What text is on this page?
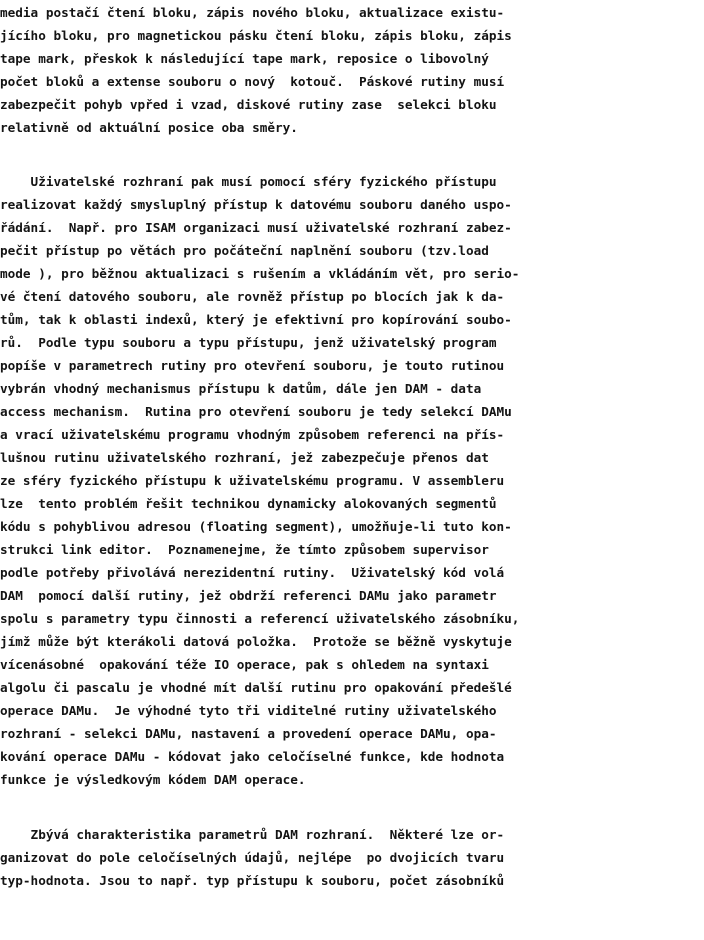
media postačí čtení bloku, zápis nového bloku, aktualizace existu-

jícího bloku, pro magnetickou pásku čtení bloku, zápis bloku, zápis

tape mark, přeskok k následující tape mark, reposice o libovolný

počet bloků a extense souboru o nový  kotouč.  Páskové rutiny musí

zabezpečit pohyb vpřed i vzad, diskové rutiny zase  selekci bloku

relativně od aktuální posice oba směry.

Uživatelské rozhraní pak musí pomocí sféry fyzického přístupu

realizovat každý smysluplný přístup k datovému souboru daného uspo-

řádání.  Např. pro ISAM organizaci musí uživatelské rozhraní zabez-

pečit přístup po větách pro počáteční naplnění souboru (tzv.load

mode ), pro běžnou aktualizaci s rušením a vkládáním vět, pro serio-

vé čtení datového souboru, ale rovněž přístup po blocích jak k da-

tům, tak k oblasti indexů, který je efektivní pro kopírování soubo-

rů.  Podle typu souboru a typu přístupu, jenž uživatelský program

popíše v parametrech rutiny pro otevření souboru, je touto rutinou

vybrán vhodný mechanismus přístupu k datům, dále jen DAM - data

access mechanism.  Rutina pro otevření souboru je tedy selekcí DAMu

a vrací uživatelskému programu vhodným způsobem referenci na přís-

lušnou rutinu uživatelského rozhraní, jež zabezpečuje přenos dat

ze sféry fyzického přístupu k uživatelskému programu. V assembleru

lze  tento problém řešit technikou dynamicky alokovaných segmentů

kódu s pohyblivou adresou (floating segment), umožňuje-li tuto kon-

strukci link editor.  Poznamenejme, že tímto způsobem supervisor

podle potřeby přivolává nerezidentní rutiny.  Uživatelský kód volá

DAM  pomocí další rutiny, jež obdrží referenci DAMu jako parametr

spolu s parametry typu činnosti a referencí uživatelského zásobníku,

jímž může být kterákoli datová položka.  Protože se běžně vyskytuje

vícenásobné  opakování téže IO operace, pak s ohledem na syntaxi

algolu či pascalu je vhodné mít další rutinu pro opakování předešlé

operace DAMu.  Je výhodné tyto tři viditelné rutiny uživatelského

rozhraní - selekci DAMu, nastavení a provedení operace DAMu, opa-

kování operace DAMu - kódovat jako celočíselné funkce, kde hodnota

funkce je výsledkovým kódem DAM operace.

Zbývá charakteristika parametrů DAM rozhraní.  Některé lze or-

ganizovat do pole celočíselných údajů, nejlépe  po dvojicích tvaru

typ-hodnota. Jsou to např. typ přístupu k souboru, počet zásobníků
